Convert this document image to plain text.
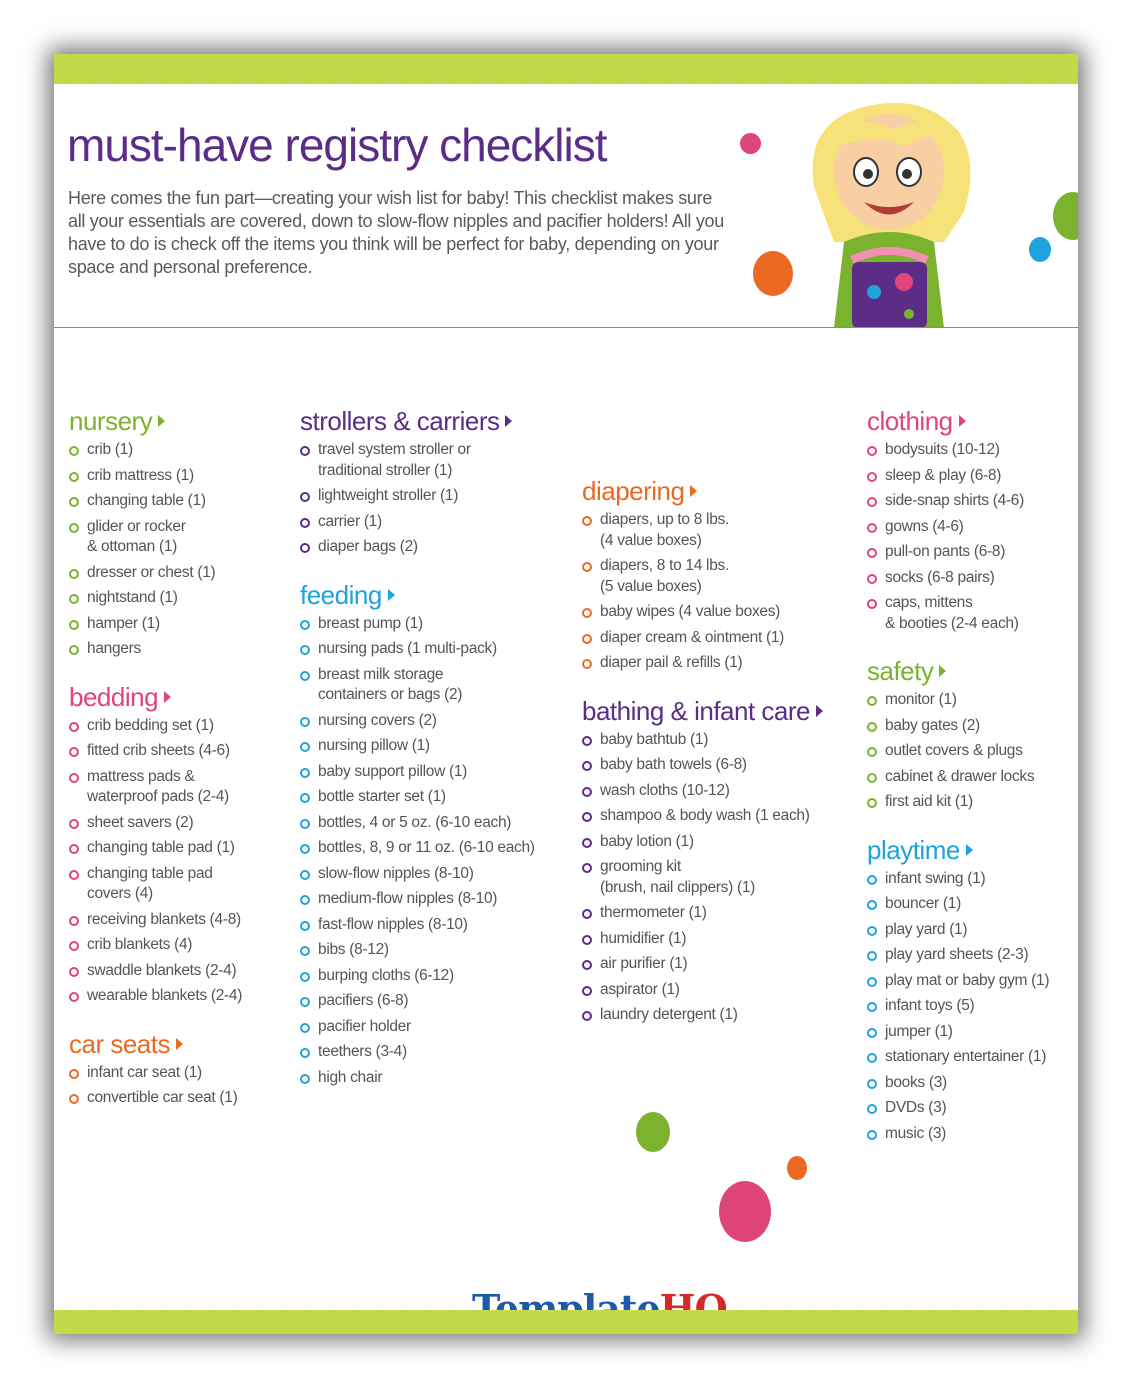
must-have registry checklist

Here comes the fun part—creating your wish list for baby! This checklist makes sure all your essentials are covered, down to slow-flow nipples and pacifier holders! All you have to do is check off the items you think will be perfect for baby, depending on your space and personal preference.

nursery
crib (1)
crib mattress (1)
changing table (1)
glider or rocker
& ottoman (1)
dresser or chest (1)
nightstand (1)
hamper (1)
hangers
bedding
crib bedding set (1)
fitted crib sheets (4-6)
mattress pads &
waterproof pads (2-4)
sheet savers (2)
changing table pad (1)
changing table pad
covers (4)
receiving blankets (4-8)
crib blankets (4)
swaddle blankets (2-4)
wearable blankets (2-4)
car seats
infant car seat (1)
convertible car seat (1)
strollers & carriers
travel system stroller or
traditional stroller (1)
lightweight stroller (1)
carrier (1)
diaper bags (2)
feeding
breast pump (1)
nursing pads (1 multi-pack)
breast milk storage
containers or bags (2)
nursing covers (2)
nursing pillow (1)
baby support pillow (1)
bottle starter set (1)
bottles, 4 or 5 oz. (6-10 each)
bottles, 8, 9 or 11 oz. (6-10 each)
slow-flow nipples (8-10)
medium-flow nipples (8-10)
fast-flow nipples (8-10)
bibs (8-12)
burping cloths (6-12)
pacifiers (6-8)
pacifier holder
teethers (3-4)
high chair
diapering
diapers, up to 8 lbs.
(4 value boxes)
diapers, 8 to 14 lbs.
(5 value boxes)
baby wipes (4 value boxes)
diaper cream & ointment (1)
diaper pail & refills (1)
bathing & infant care
baby bathtub (1)
baby bath towels (6-8)
wash cloths (10-12)
shampoo & body wash (1 each)
baby lotion (1)
grooming kit
(brush, nail clippers) (1)
thermometer (1)
humidifier (1)
air purifier (1)
aspirator (1)
laundry detergent (1)
clothing
bodysuits (10-12)
sleep & play (6-8)
side-snap shirts (4-6)
gowns (4-6)
pull-on pants (6-8)
socks (6-8 pairs)
caps, mittens
& booties (2-4 each)
safety
monitor (1)
baby gates (2)
outlet covers & plugs
cabinet & drawer locks
first aid kit (1)
playtime
infant swing (1)
bouncer (1)
play yard (1)
play yard sheets (2-3)
play mat or baby gym (1)
infant toys (5)
jumper (1)
stationary entertainer (1)
books (3)
DVDs (3)
music (3)
